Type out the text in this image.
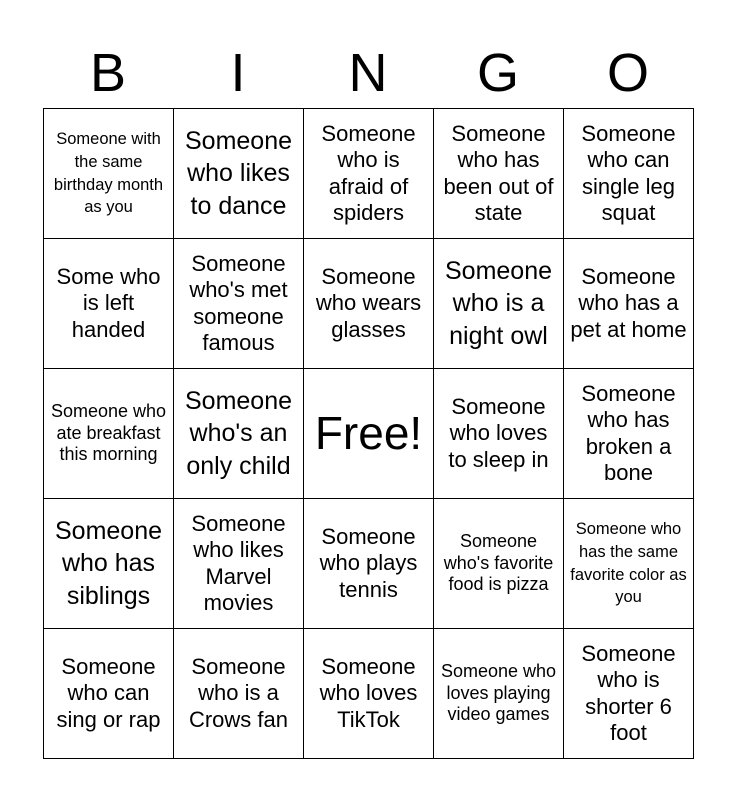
B	I	N	G	O
Someone with the same birthday month as you	Someone who likes to dance	Someone who is afraid of spiders	Someone who has been out of state	Someone who can single leg squat
Some who is left handed	Someone who's met someone famous	Someone who wears glasses	Someone who is a night owl	Someone who has a pet at home
Someone who ate breakfast this morning	Someone who's an only child	Free!	Someone who loves to sleep in	Someone who has broken a bone
Someone who has siblings	Someone who likes Marvel movies	Someone who plays tennis	Someone who's favorite food is pizza	Someone who has the same favorite color as you
Someone who can sing or rap	Someone who is a Crows fan	Someone who loves TikTok	Someone who loves playing video games	Someone who is shorter 6 foot
